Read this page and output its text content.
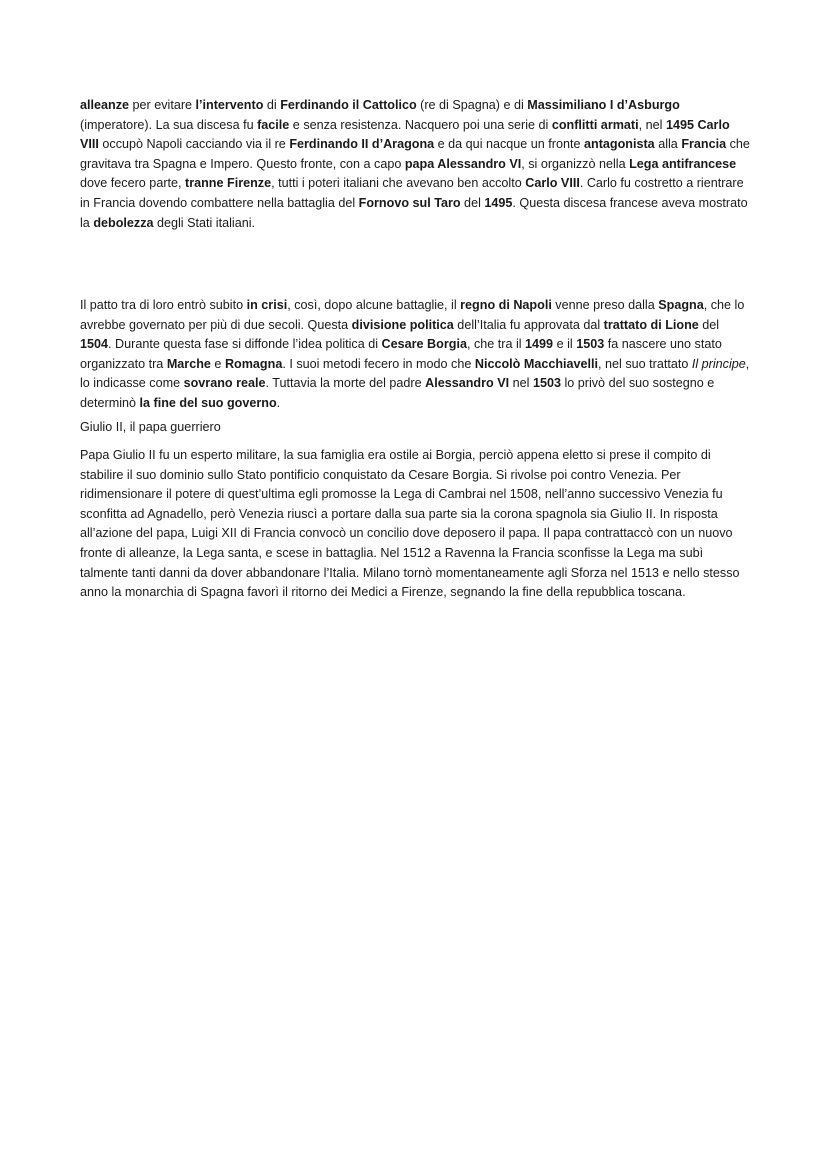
alleanze per evitare l’intervento di Ferdinando il Cattolico (re di Spagna) e di Massimiliano I d’Asburgo (imperatore). La sua discesa fu facile e senza resistenza. Nacquero poi una serie di conflitti armati, nel 1495 Carlo VIII occupò Napoli cacciando via il re Ferdinando II d’Aragona e da qui nacque un fronte antagonista alla Francia che gravitava tra Spagna e Impero. Questo fronte, con a capo papa Alessandro VI, si organizzò nella Lega antifrancese dove fecero parte, tranne Firenze, tutti i poteri italiani che avevano ben accolto Carlo VIII. Carlo fu costretto a rientrare in Francia dovendo combattere nella battaglia del Fornovo sul Taro del 1495. Questa discesa francese aveva mostrato la debolezza degli Stati italiani.

Il patto tra di loro entrò subito in crisi, così, dopo alcune battaglie, il regno di Napoli venne preso dalla Spagna, che lo avrebbe governato per più di due secoli. Questa divisione politica dell’Italia fu approvata dal trattato di Lione del 1504. Durante questa fase si diffonde l’idea politica di Cesare Borgia, che tra il 1499 e il 1503 fa nascere uno stato organizzato tra Marche e Romagna. I suoi metodi fecero in modo che Niccolò Macchiavelli, nel suo trattato Il principe, lo indicasse come sovrano reale. Tuttavia la morte del padre Alessandro VI nel 1503 lo privò del suo sostegno e determinò la fine del suo governo.

Giulio II, il papa guerriero

Papa Giulio II fu un esperto militare, la sua famiglia era ostile ai Borgia, perciò appena eletto si prese il compito di stabilire il suo dominio sullo Stato pontificio conquistato da Cesare Borgia. Si rivolse poi contro Venezia. Per ridimensionare il potere di quest’ultima egli promosse la Lega di Cambrai nel 1508, nell’anno successivo Venezia fu sconfitta ad Agnadello, però Venezia riuscì a portare dalla sua parte sia la corona spagnola sia Giulio II. In risposta all’azione del papa, Luigi XII di Francia convocò un concilio dove deposero il papa. Il papa contrattaccò con un nuovo fronte di alleanze, la Lega santa, e scese in battaglia. Nel 1512 a Ravenna la Francia sconfisse la Lega ma subì talmente tanti danni da dover abbandonare l’Italia. Milano tornò momentaneamente agli Sforza nel 1513 e nello stesso anno la monarchia di Spagna favorì il ritorno dei Medici a Firenze, segnando la fine della repubblica toscana.
